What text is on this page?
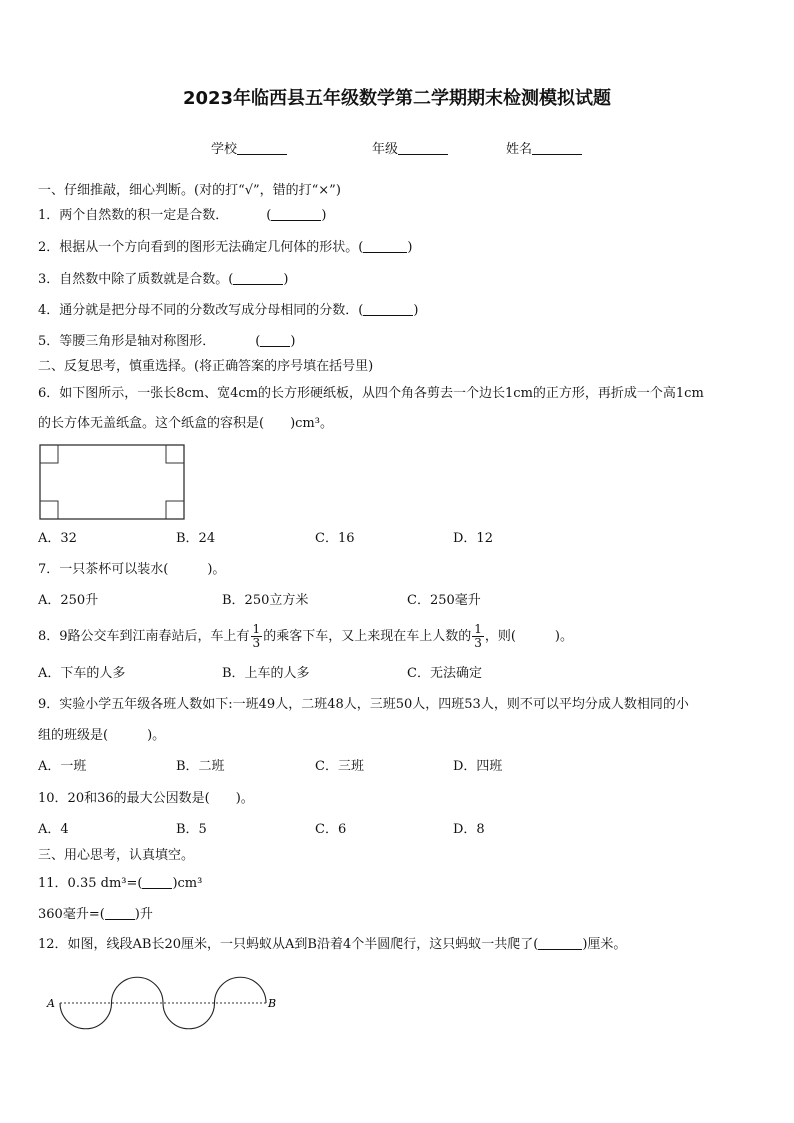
2023年临西县五年级数学第二学期期末检测模拟试题
学校	年级	姓名
一、仔细推敲，细心判断。(对的打“√”，错的打“×”)
1．两个自然数的积一定是合数．	(	)
2．根据从一个方向看到的图形无法确定几何体的形状。(	)
3．自然数中除了质数就是合数。(	)
4．通分就是把分母不同的分数改写成分母相同的分数．(	)
5．等腰三角形是轴对称图形．	( )
二、反复思考，慎重选择。(将正确答案的序号填在括号里)
6．如下图所示，一张长8cm、宽4cm的长方形硬纸板，从四个角各剪去一个边长1cm的正方形，再折成一个高1cm
的长方体无盖纸盒。这个纸盒的容积是(　　)cm³。
A．32	B．24	C．16	D．12
7．一只茶杯可以装水(　　　)。
A．250升	B．250立方米	C．250毫升
8．9路公交车到江南春站后，车上有 $\frac{1}{3}$ 的乘客下车，又上来现在车上人数的 $\frac{1}{3}$ ，则(　　　)。
A．下车的人多	B．上车的人多	C．无法确定
9．实验小学五年级各班人数如下:一班49人，二班48人，三班50人，四班53人，则不可以平均分成人数相同的小
组的班级是(　　　)。
A．一班	B．二班	C．三班	D．四班
10．20和36的最大公因数是(　　)。
A．4	B．5	C．6	D．8
三、用心思考，认真填空。
11．0.35 dm³=( )cm³
360毫升=( )升
12．如图，线段AB长20厘米，一只蚂蚁从A到B沿着4个半圆爬行，这只蚂蚁一共爬了(	)厘米。
A	B
